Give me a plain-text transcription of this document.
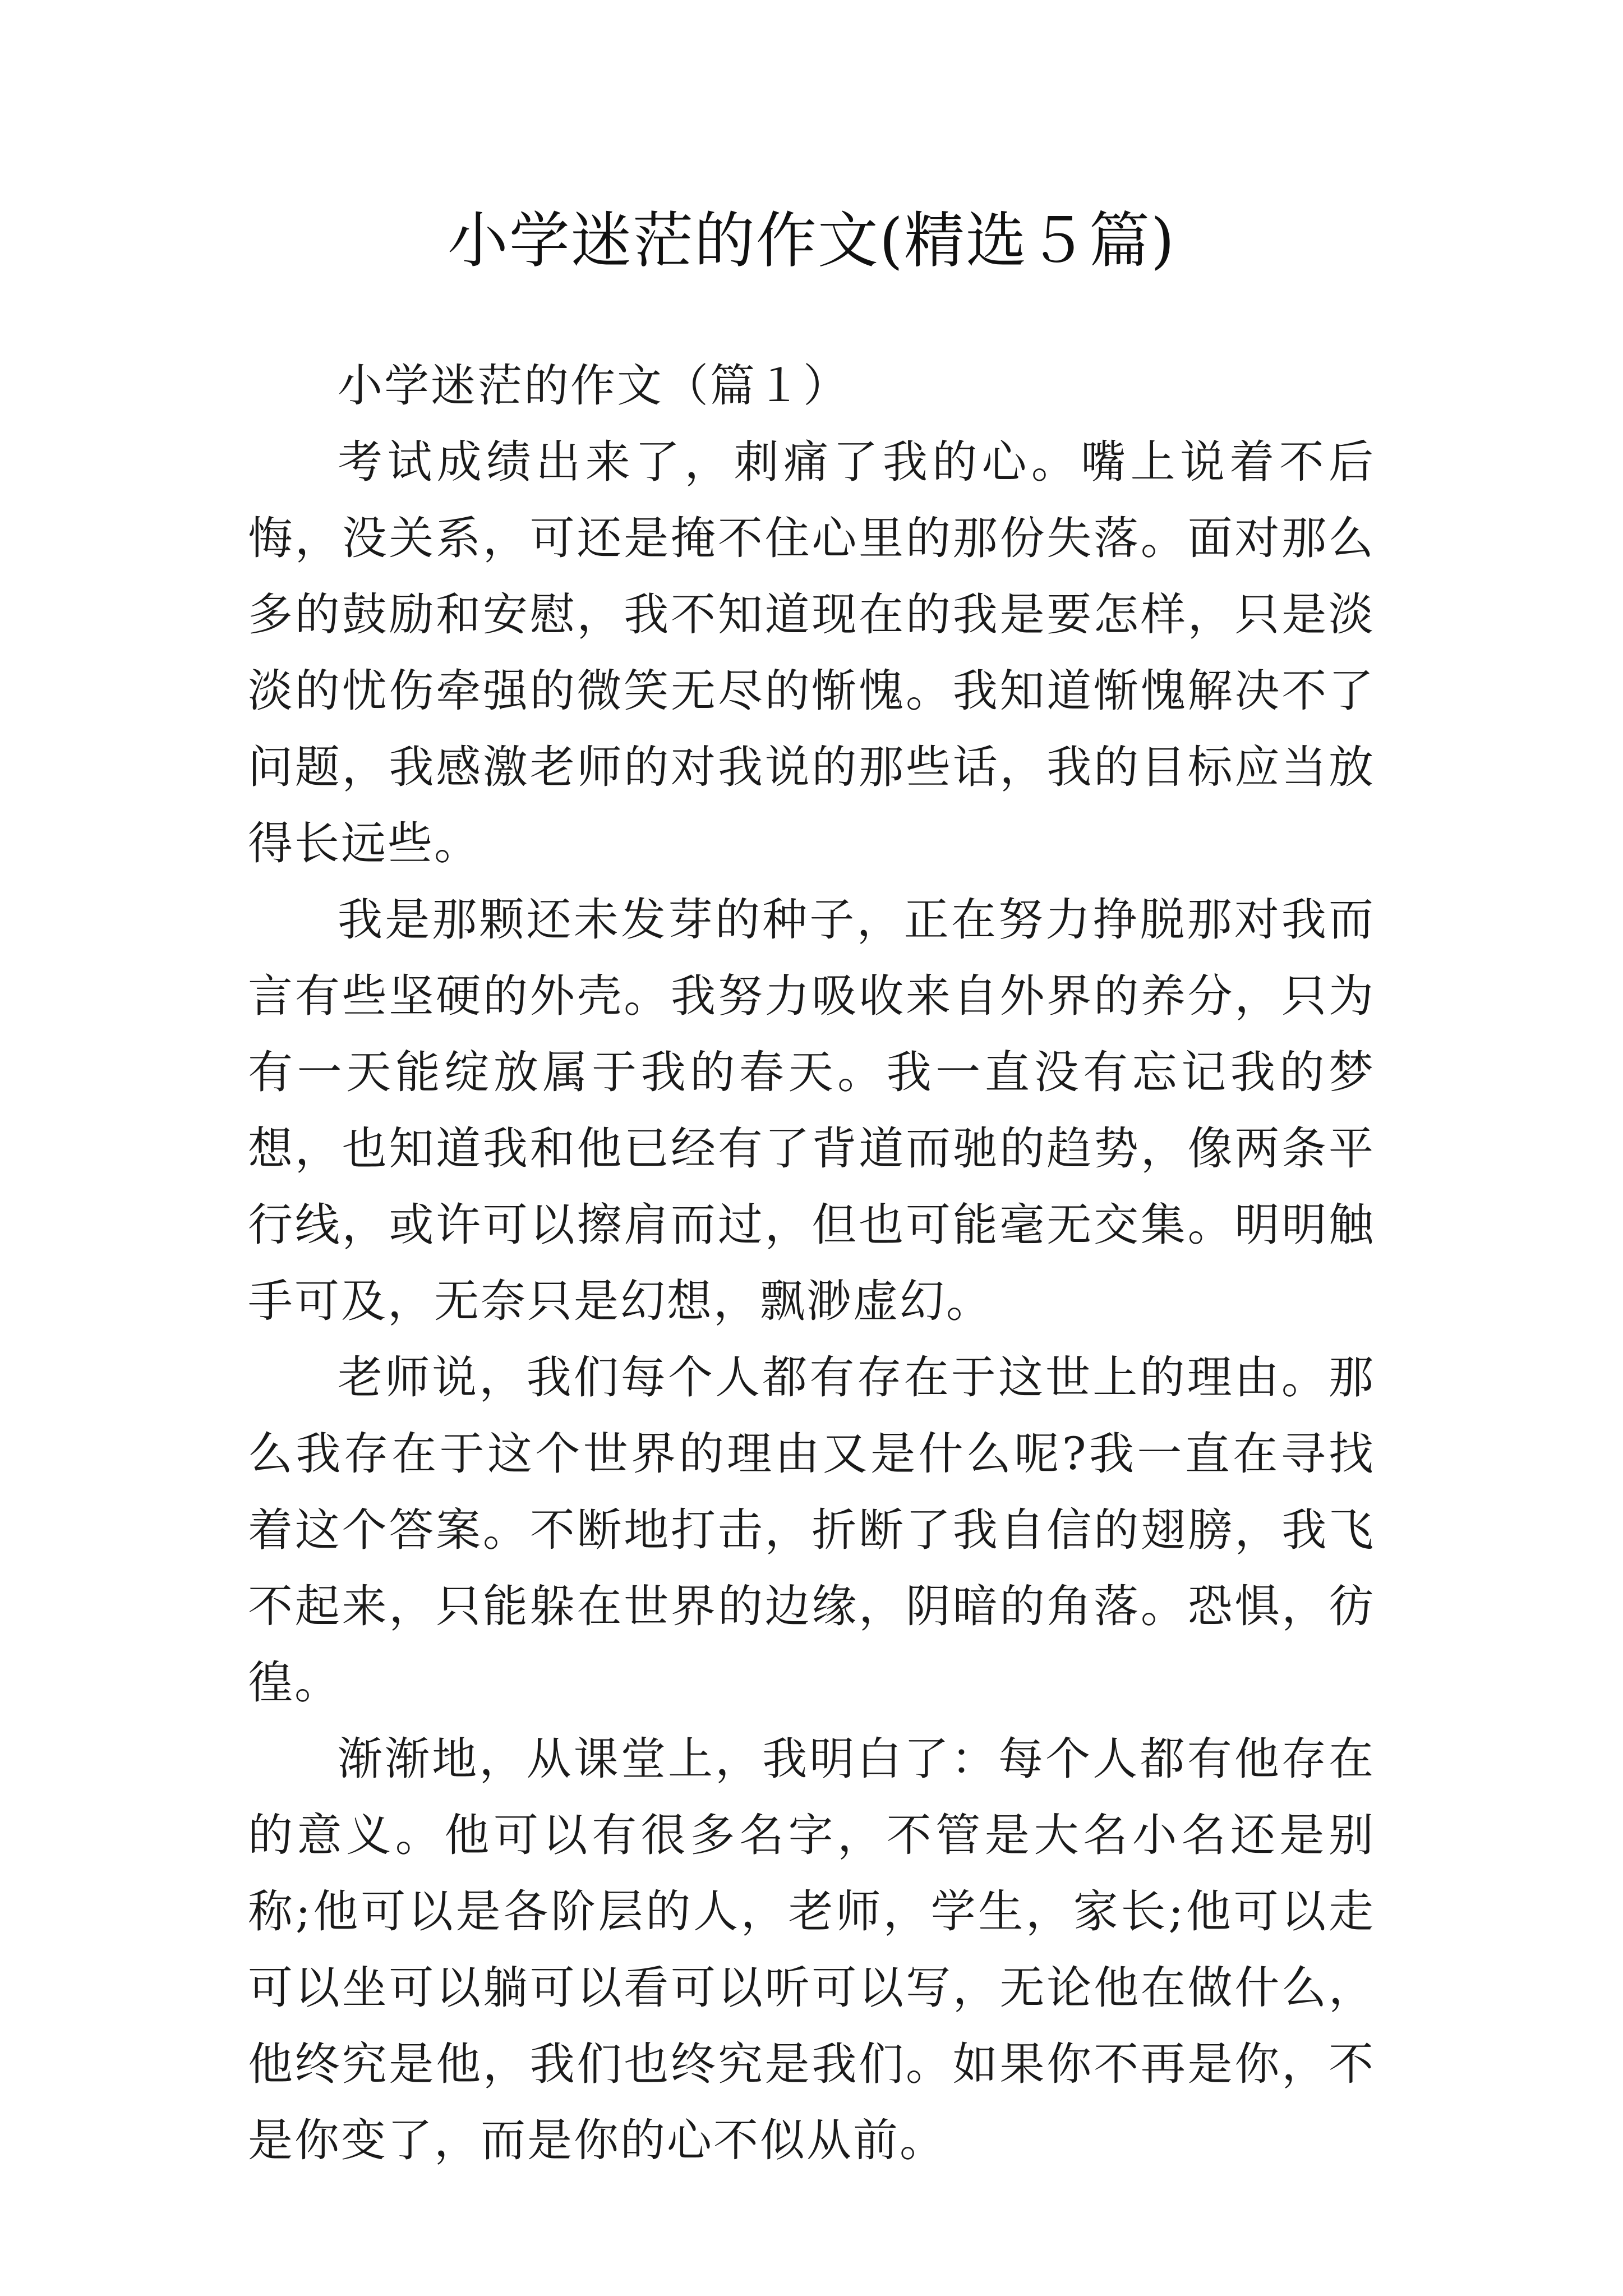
小学迷茫的作文(精选５篇)
小学迷茫的作文（篇１）

考试成绩出来了，刺痛了我的心。嘴上说着不后悔，没关系，可还是掩不住心里的那份失落。面对那么多的鼓励和安慰，我不知道现在的我是要怎样，只是淡淡的忧伤牵强的微笑无尽的惭愧。我知道惭愧解决不了问题，我感激老师的对我说的那些话，我的目标应当放得长远些。

我是那颗还未发芽的种子，正在努力挣脱那对我而言有些坚硬的外壳。我努力吸收来自外界的养分，只为有一天能绽放属于我的春天。我一直没有忘记我的梦想，也知道我和他已经有了背道而驰的趋势，像两条平行线，或许可以擦肩而过，但也可能毫无交集。明明触手可及，无奈只是幻想，飘渺虚幻。

老师说，我们每个人都有存在于这世上的理由。那么我存在于这个世界的理由又是什么呢?我一直在寻找着这个答案。不断地打击，折断了我自信的翅膀，我飞不起来，只能躲在世界的边缘，阴暗的角落。恐惧，彷徨。

渐渐地，从课堂上，我明白了：每个人都有他存在的意义。他可以有很多名字，不管是大名小名还是别称;他可以是各阶层的人，老师，学生，家长;他可以走可以坐可以躺可以看可以听可以写，无论他在做什么，他终究是他，我们也终究是我们。如果你不再是你，不是你变了，而是你的心不似从前。
